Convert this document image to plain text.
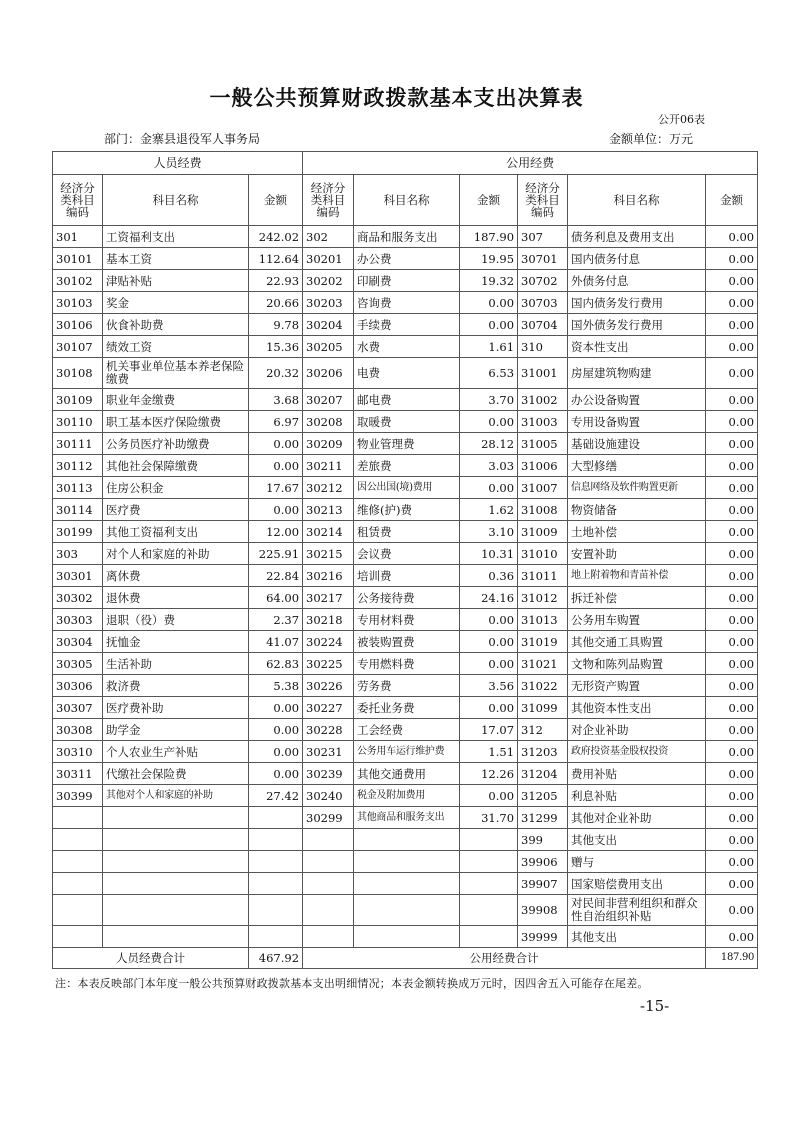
一般公共预算财政拨款基本支出决算表
公开06表
部门：金寨县退役军人事务局	金额单位：万元
人员经费			公用经费					
经济分类科目编码	科目名称	金额	经济分类科目编码	科目名称	金额	经济分类科目编码	科目名称	金额
301	工资福利支出	242.02	302	商品和服务支出	187.90	307	债务利息及费用支出	0.00
30101	基本工资	112.64	30201	办公费	19.95	30701	国内债务付息	0.00
30102	津贴补贴	22.93	30202	印刷费	19.32	30702	外债务付息	0.00
30103	奖金	20.66	30203	咨询费	0.00	30703	国内债务发行费用	0.00
30106	伙食补助费	9.78	30204	手续费	0.00	30704	国外债务发行费用	0.00
30107	绩效工资	15.36	30205	水费	1.61	310	资本性支出	0.00
30108	机关事业单位基本养老保险缴费	20.32	30206	电费	6.53	31001	房屋建筑物购建	0.00
30109	职业年金缴费	3.68	30207	邮电费	3.70	31002	办公设备购置	0.00
30110	职工基本医疗保险缴费	6.97	30208	取暖费	0.00	31003	专用设备购置	0.00
30111	公务员医疗补助缴费	0.00	30209	物业管理费	28.12	31005	基础设施建设	0.00
30112	其他社会保障缴费	0.00	30211	差旅费	3.03	31006	大型修缮	0.00
30113	住房公积金	17.67	30212	因公出国(境)费用	0.00	31007	信息网络及软件购置更新	0.00
30114	医疗费	0.00	30213	维修(护)费	1.62	31008	物资储备	0.00
30199	其他工资福利支出	12.00	30214	租赁费	3.10	31009	土地补偿	0.00
303	对个人和家庭的补助	225.91	30215	会议费	10.31	31010	安置补助	0.00
30301	离休费	22.84	30216	培训费	0.36	31011	地上附着物和青苗补偿	0.00
30302	退休费	64.00	30217	公务接待费	24.16	31012	拆迁补偿	0.00
30303	退职（役）费	2.37	30218	专用材料费	0.00	31013	公务用车购置	0.00
30304	抚恤金	41.07	30224	被装购置费	0.00	31019	其他交通工具购置	0.00
30305	生活补助	62.83	30225	专用燃料费	0.00	31021	文物和陈列品购置	0.00
30306	救济费	5.38	30226	劳务费	3.56	31022	无形资产购置	0.00
30307	医疗费补助	0.00	30227	委托业务费	0.00	31099	其他资本性支出	0.00
30308	助学金	0.00	30228	工会经费	17.07	312	对企业补助	0.00
30310	个人农业生产补贴	0.00	30231	公务用车运行维护费	1.51	31203	政府投资基金股权投资	0.00
30311	代缴社会保险费	0.00	30239	其他交通费用	12.26	31204	费用补贴	0.00
30399	其他对个人和家庭的补助	27.42	30240	税金及附加费用	0.00	31205	利息补贴	0.00
			30299	其他商品和服务支出	31.70	31299	其他对企业补助	0.00
						399	其他支出	0.00
						39906	赠与	0.00
						39907	国家赔偿费用支出	0.00
						39908	对民间非营利组织和群众性自治组织补贴	0.00
						39999	其他支出	0.00
人员经费合计		467.92	公用经费合计					187.90
注：本表反映部门本年度一般公共预算财政拨款基本支出明细情况；本表金额转换成万元时，因四舍五入可能存在尾差。
-15-
